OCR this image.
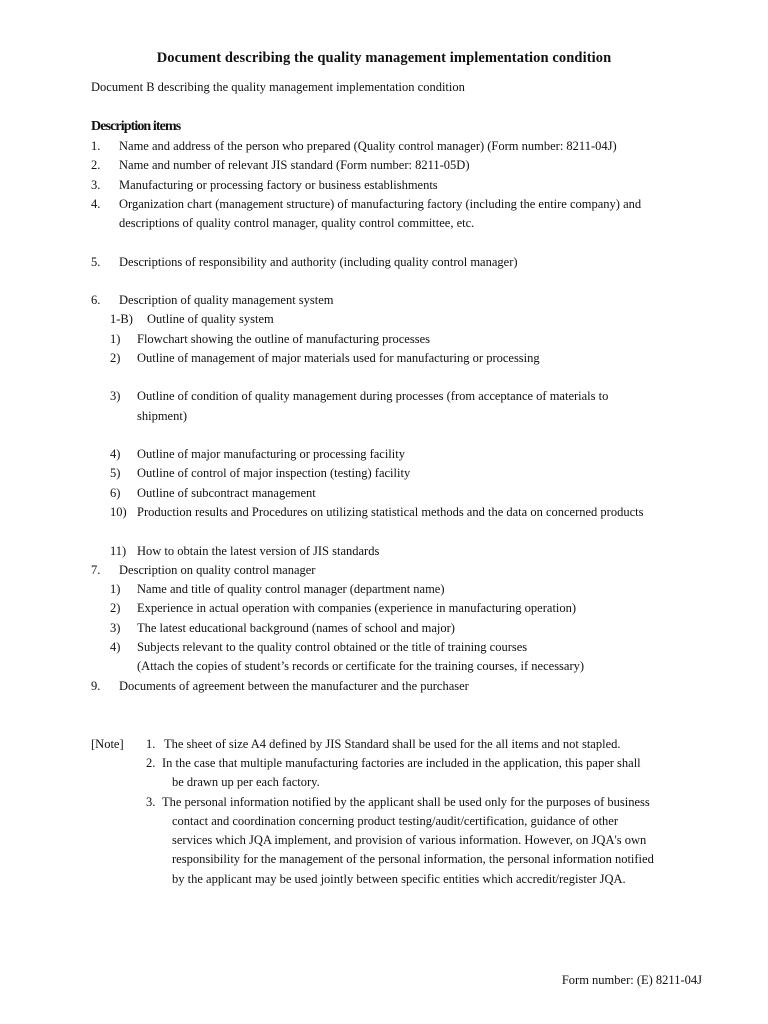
Document describing the quality management implementation condition
Document B describing the quality management implementation condition
Description items
1. Name and address of the person who prepared (Quality control manager) (Form number: 8211-04J)
2. Name and number of relevant JIS standard (Form number: 8211-05D)
3. Manufacturing or processing factory or business establishments
4. Organization chart (management structure) of manufacturing factory (including the entire company) and
descriptions of quality control manager, quality control committee, etc.
5. Descriptions of responsibility and authority (including quality control manager)
6. Description of quality management system
1-B) Outline of quality system
1) Flowchart showing the outline of manufacturing processes
2) Outline of management of major materials used for manufacturing or processing
3) Outline of condition of quality management during processes (from acceptance of materials to
shipment)
4) Outline of major manufacturing or processing facility
5) Outline of control of major inspection (testing) facility
6) Outline of subcontract management
10) Production results and Procedures on utilizing statistical methods and the data on concerned products
11) How to obtain the latest version of JIS standards
7. Description on quality control manager
1) Name and title of quality control manager (department name)
2) Experience in actual operation with companies (experience in manufacturing operation)
3) The latest educational background (names of school and major)
4) Subjects relevant to the quality control obtained or the title of training courses
(Attach the copies of student’s records or certificate for the training courses, if necessary)
9. Documents of agreement between the manufacturer and the purchaser
[Note] 1. The sheet of size A4 defined by JIS Standard shall be used for the all items and not stapled.
2. In the case that multiple manufacturing factories are included in the application, this paper shall
be drawn up per each factory.
3. The personal information notified by the applicant shall be used only for the purposes of business
contact and coordination concerning product testing/audit/certification, guidance of other
services which JQA implement, and provision of various information. However, on JQA's own
responsibility for the management of the personal information, the personal information notified
by the applicant may be used jointly between specific entities which accredit/register JQA.
Form number: (E) 8211-04J
